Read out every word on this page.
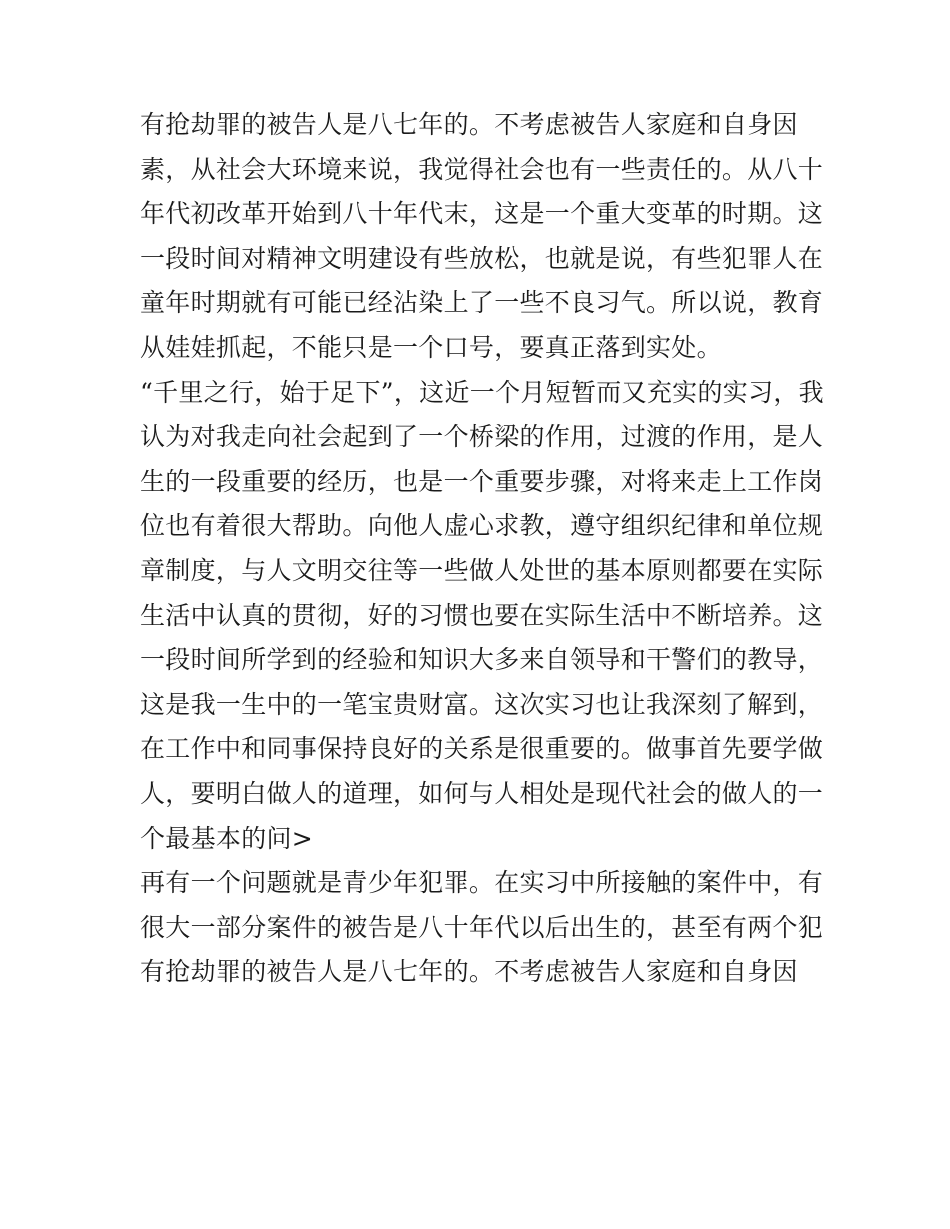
有抢劫罪的被告人是八七年的。不考虑被告人家庭和自身因
素，从社会大环境来说，我觉得社会也有一些责任的。从八十
年代初改革开始到八十年代末，这是一个重大变革的时期。这
一段时间对精神文明建设有些放松，也就是说，有些犯罪人在
童年时期就有可能已经沾染上了一些不良习气。所以说，教育
从娃娃抓起，不能只是一个口号，要真正落到实处。
“千里之行，始于足下”，这近一个月短暂而又充实的实习，我
认为对我走向社会起到了一个桥梁的作用，过渡的作用，是人
生的一段重要的经历，也是一个重要步骤，对将来走上工作岗
位也有着很大帮助。向他人虚心求教，遵守组织纪律和单位规
章制度，与人文明交往等一些做人处世的基本原则都要在实际
生活中认真的贯彻，好的习惯也要在实际生活中不断培养。这
一段时间所学到的经验和知识大多来自领导和干警们的教导，
这是我一生中的一笔宝贵财富。这次实习也让我深刻了解到，
在工作中和同事保持良好的关系是很重要的。做事首先要学做
人，要明白做人的道理，如何与人相处是现代社会的做人的一
个最基本的问>
再有一个问题就是青少年犯罪。在实习中所接触的案件中，有
很大一部分案件的被告是八十年代以后出生的，甚至有两个犯
有抢劫罪的被告人是八七年的。不考虑被告人家庭和自身因
